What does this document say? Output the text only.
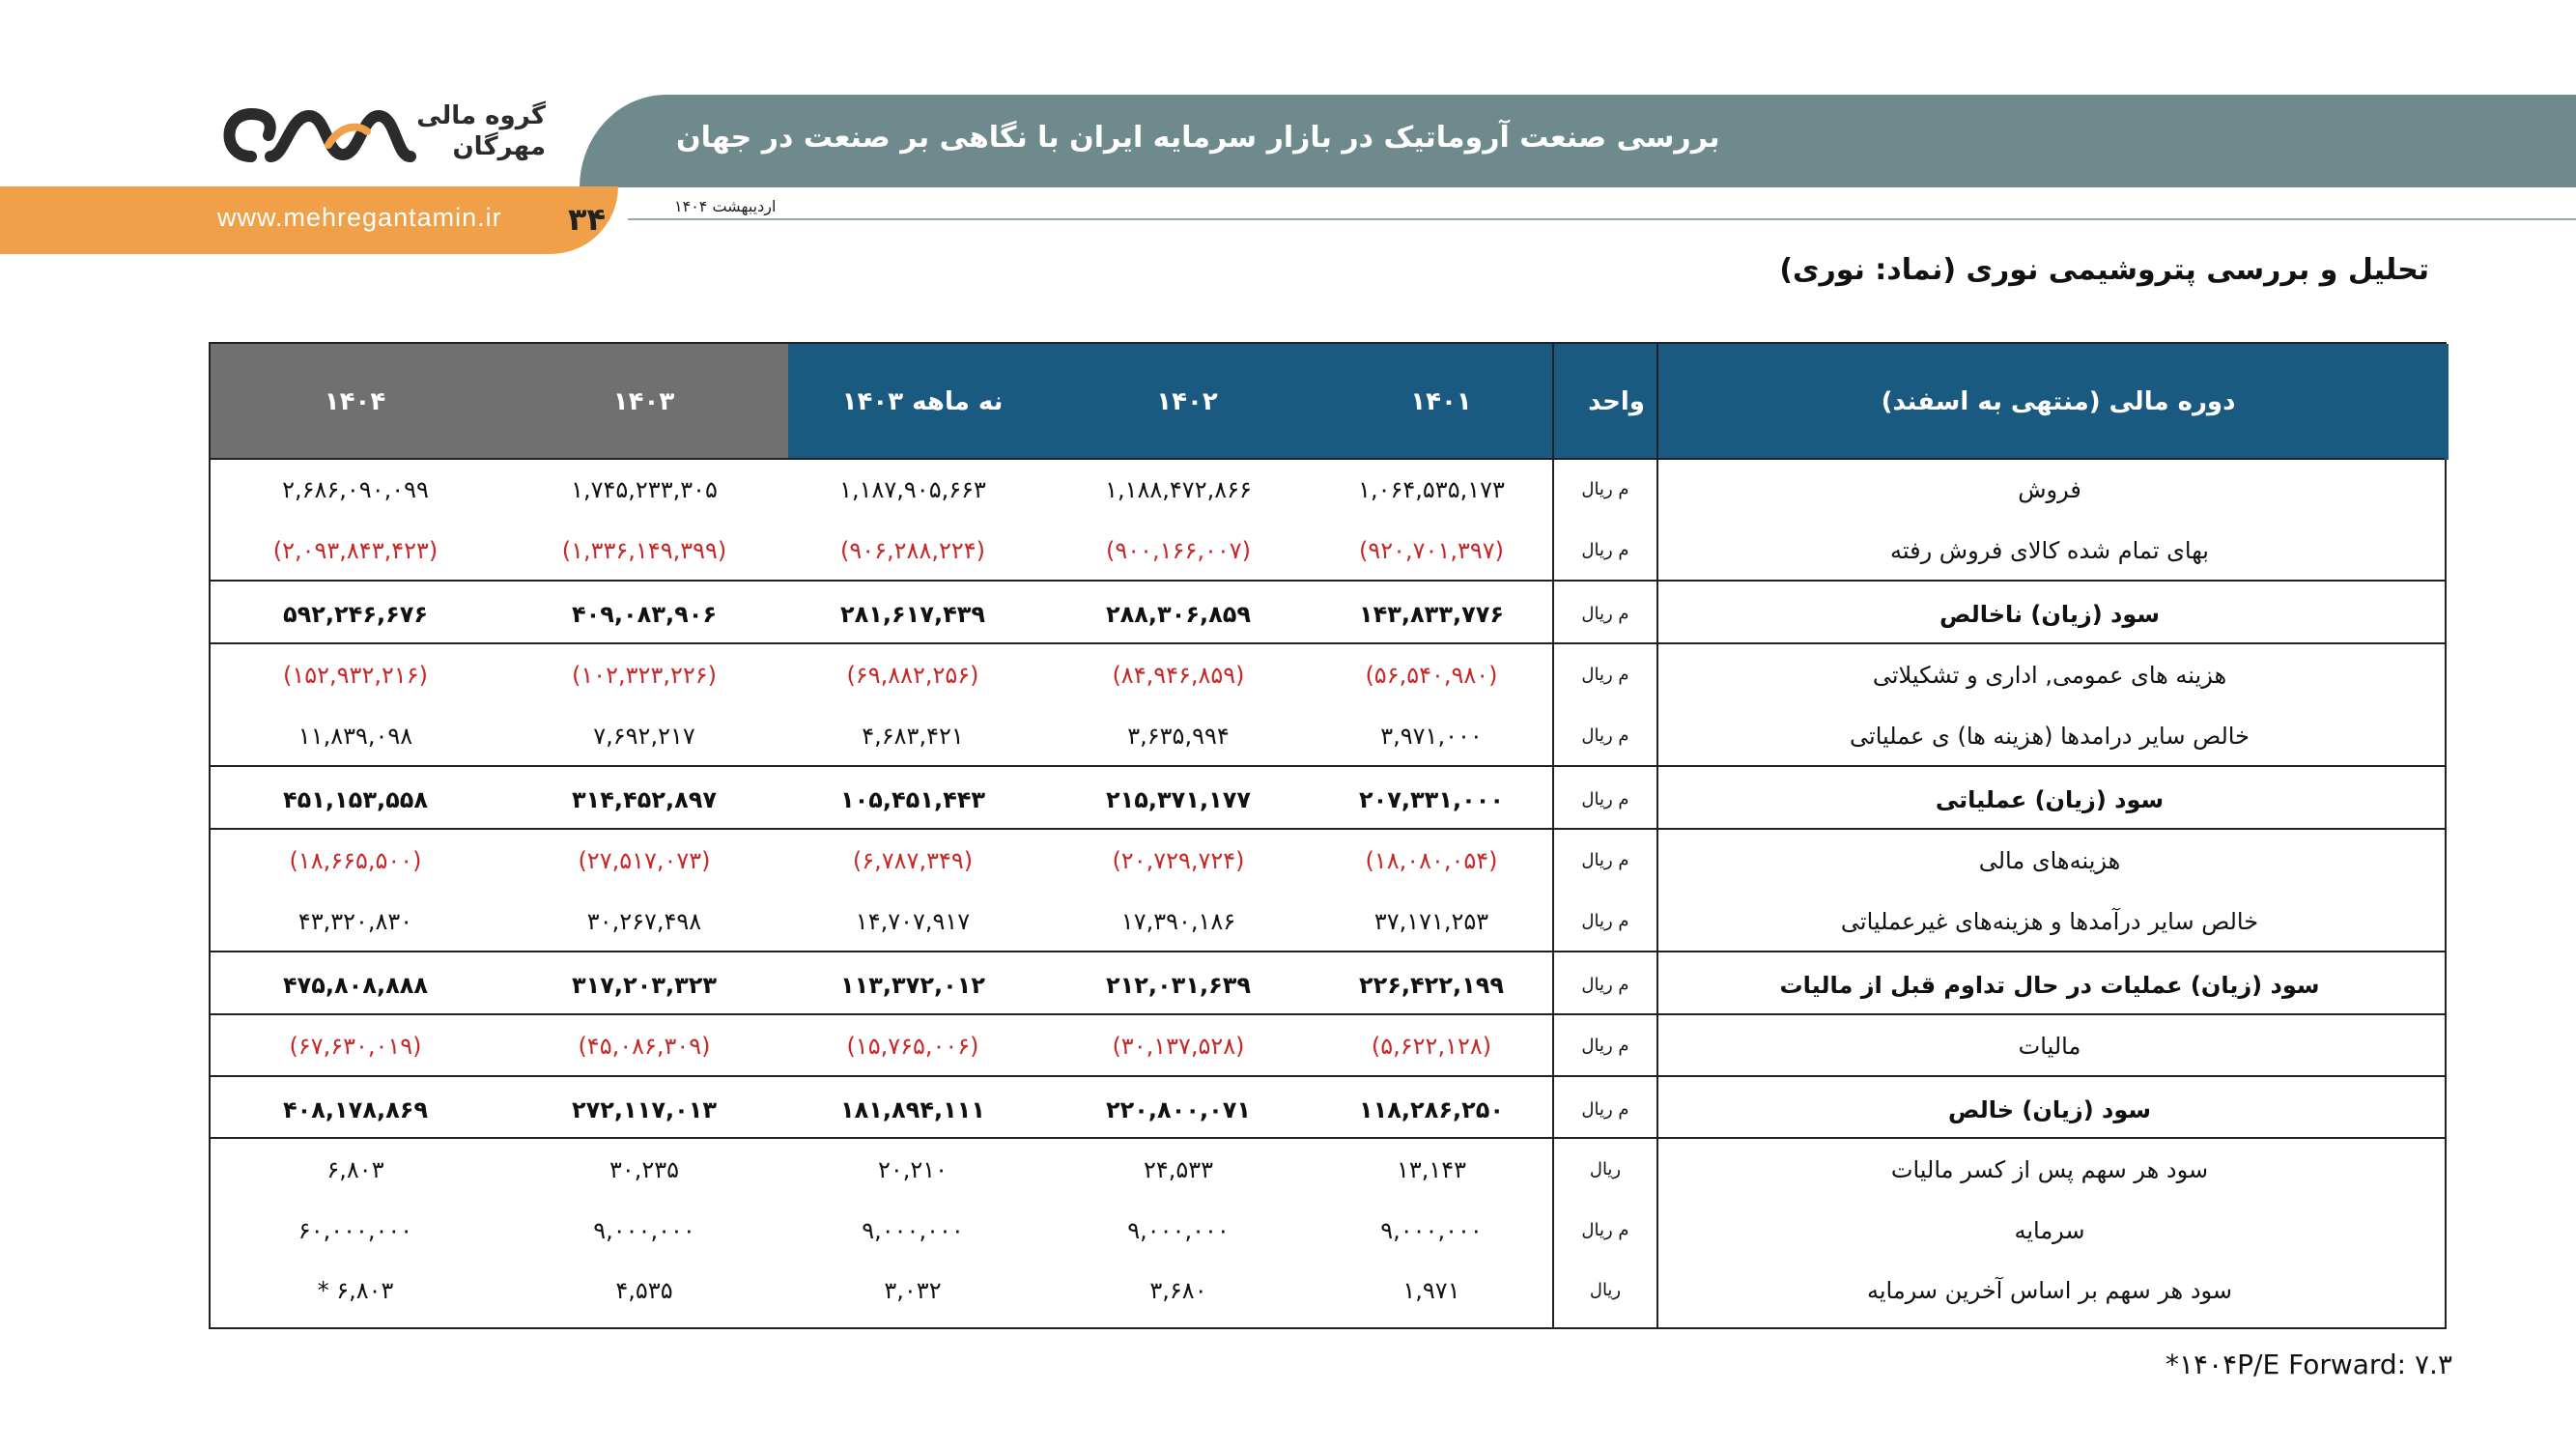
بررسی صنعت آروماتیک در بازار سرمایه ایران با نگاهی بر صنعت در جهان
www.mehregantamin.ir ۳۴	اردیبهشت ۱۴۰۴
گروه مالی
مهرگان
تحلیل و بررسی پتروشیمی نوری (نماد: نوری)
۱۴۰۴	۱۴۰۳	نه ماهه ۱۴۰۳	۱۴۰۲	۱۴۰۱	واحد	دوره مالی (منتهی به اسفند)
۲,۶۸۶,۰۹۰,۰۹۹	۱,۷۴۵,۲۳۳,۳۰۵	۱,۱۸۷,۹۰۵,۶۶۳	۱,۱۸۸,۴۷۲,۸۶۶	۱,۰۶۴,۵۳۵,۱۷۳	م ریال	فروش
(۲,۰۹۳,۸۴۳,۴۲۳)	(۱,۳۳۶,۱۴۹,۳۹۹)	(۹۰۶,۲۸۸,۲۲۴)	(۹۰۰,۱۶۶,۰۰۷)	(۹۲۰,۷۰۱,۳۹۷)	م ریال	بهای تمام شده کالای فروش رفته
۵۹۲,۲۴۶,۶۷۶	۴۰۹,۰۸۳,۹۰۶	۲۸۱,۶۱۷,۴۳۹	۲۸۸,۳۰۶,۸۵۹	۱۴۳,۸۳۳,۷۷۶	م ریال	سود (زیان) ناخالص
(۱۵۲,۹۳۲,۲۱۶)	(۱۰۲,۳۲۳,۲۲۶)	(۶۹,۸۸۲,۲۵۶)	(۸۴,۹۴۶,۸۵۹)	(۵۶,۵۴۰,۹۸۰)	م ریال	هزینه های عمومی, اداری و تشکیلاتی
۱۱,۸۳۹,۰۹۸	۷,۶۹۲,۲۱۷	۴,۶۸۳,۴۲۱	۳,۶۳۵,۹۹۴	۳,۹۷۱,۰۰۰	م ریال	خالص سایر درامدها (هزینه ها) ی عملیاتی
۴۵۱,۱۵۳,۵۵۸	۳۱۴,۴۵۲,۸۹۷	۱۰۵,۴۵۱,۴۴۳	۲۱۵,۳۷۱,۱۷۷	۲۰۷,۳۳۱,۰۰۰	م ریال	سود (زیان) عملیاتی
(۱۸,۶۶۵,۵۰۰)	(۲۷,۵۱۷,۰۷۳)	(۶,۷۸۷,۳۴۹)	(۲۰,۷۲۹,۷۲۴)	(۱۸,۰۸۰,۰۵۴)	م ریال	هزینه‌های مالی
۴۳,۳۲۰,۸۳۰	۳۰,۲۶۷,۴۹۸	۱۴,۷۰۷,۹۱۷	۱۷,۳۹۰,۱۸۶	۳۷,۱۷۱,۲۵۳	م ریال	خالص سایر درآمدها و هزینه‌های غیرعملیاتی
۴۷۵,۸۰۸,۸۸۸	۳۱۷,۲۰۳,۳۲۳	۱۱۳,۳۷۲,۰۱۲	۲۱۲,۰۳۱,۶۳۹	۲۲۶,۴۲۲,۱۹۹	م ریال	سود (زیان) عملیات در حال تداوم قبل از مالیات
(۶۷,۶۳۰,۰۱۹)	(۴۵,۰۸۶,۳۰۹)	(۱۵,۷۶۵,۰۰۶)	(۳۰,۱۳۷,۵۲۸)	(۵,۶۲۲,۱۲۸)	م ریال	مالیات
۴۰۸,۱۷۸,۸۶۹	۲۷۲,۱۱۷,۰۱۳	۱۸۱,۸۹۴,۱۱۱	۲۲۰,۸۰۰,۰۷۱	۱۱۸,۲۸۶,۲۵۰	م ریال	سود (زیان) خالص
۶,۸۰۳	۳۰,۲۳۵	۲۰,۲۱۰	۲۴,۵۳۳	۱۳,۱۴۳	ریال	سود هر سهم پس از کسر مالیات
۶۰,۰۰۰,۰۰۰	۹,۰۰۰,۰۰۰	۹,۰۰۰,۰۰۰	۹,۰۰۰,۰۰۰	۹,۰۰۰,۰۰۰	م ریال	سرمایه
* ۶,۸۰۳	۴,۵۳۵	۳,۰۳۲	۳,۶۸۰	۱,۹۷۱	ریال	سود هر سهم بر اساس آخرین سرمایه
*۱۴۰۴P/E Forward: ۷.۳
